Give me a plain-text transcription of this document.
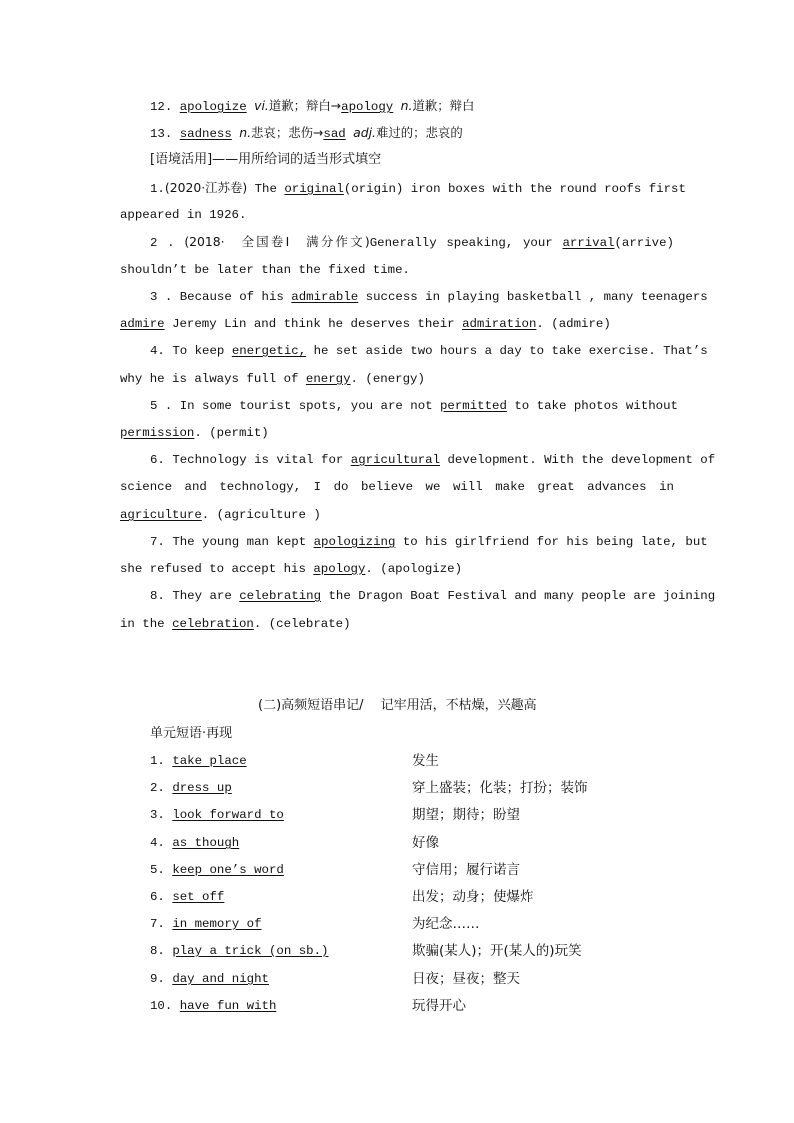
12. apologize vi.道歉；辩白→apology n.道歉；辩白
13. sadness n.悲哀；悲伤→sad adj.难过的；悲哀的
[语境活用]——用所给词的适当形式填空
1.(2020·江苏卷) The original(origin) iron boxes with the round roofs first
appeared in 1926.
2 . (2018·　全国卷Ⅰ　满分作文)Generally speaking, your arrival(arrive)
shouldn’t be later than the fixed time.
3 . Because of his admirable success in playing basketball , many teenagers
admire Jeremy Lin and think he deserves their admiration. (admire)
4. To keep energetic, he set aside two hours a day to take exercise. That’s
why he is always full of energy. (energy)
5 . In some tourist spots, you are not permitted to take photos without
permission. (permit)
6. Technology is vital for agricultural development. With the development of
science and technology, I do believe we will make great advances in
agriculture. (agriculture )
7. The young man kept apologizing to his girlfriend for his being late, but
she refused to accept his apology. (apologize)
8. They are celebrating the Dragon Boat Festival and many people are joining
in the celebration. (celebrate)
(二)高频短语串记/　 记牢用活，不枯燥，兴趣高
单元短语·再现
1. take place	发生
2. dress up	穿上盛装；化装；打扮；装饰
3. look forward to	期望；期待；盼望
4. as though	好像
5. keep one’s word	守信用；履行诺言
6. set off	出发；动身；使爆炸
7. in memory of	为纪念……
8. play a trick (on sb.)	欺骗(某人)；开(某人的)玩笑
9. day and night	日夜；昼夜；整天
10. have fun with	玩得开心
